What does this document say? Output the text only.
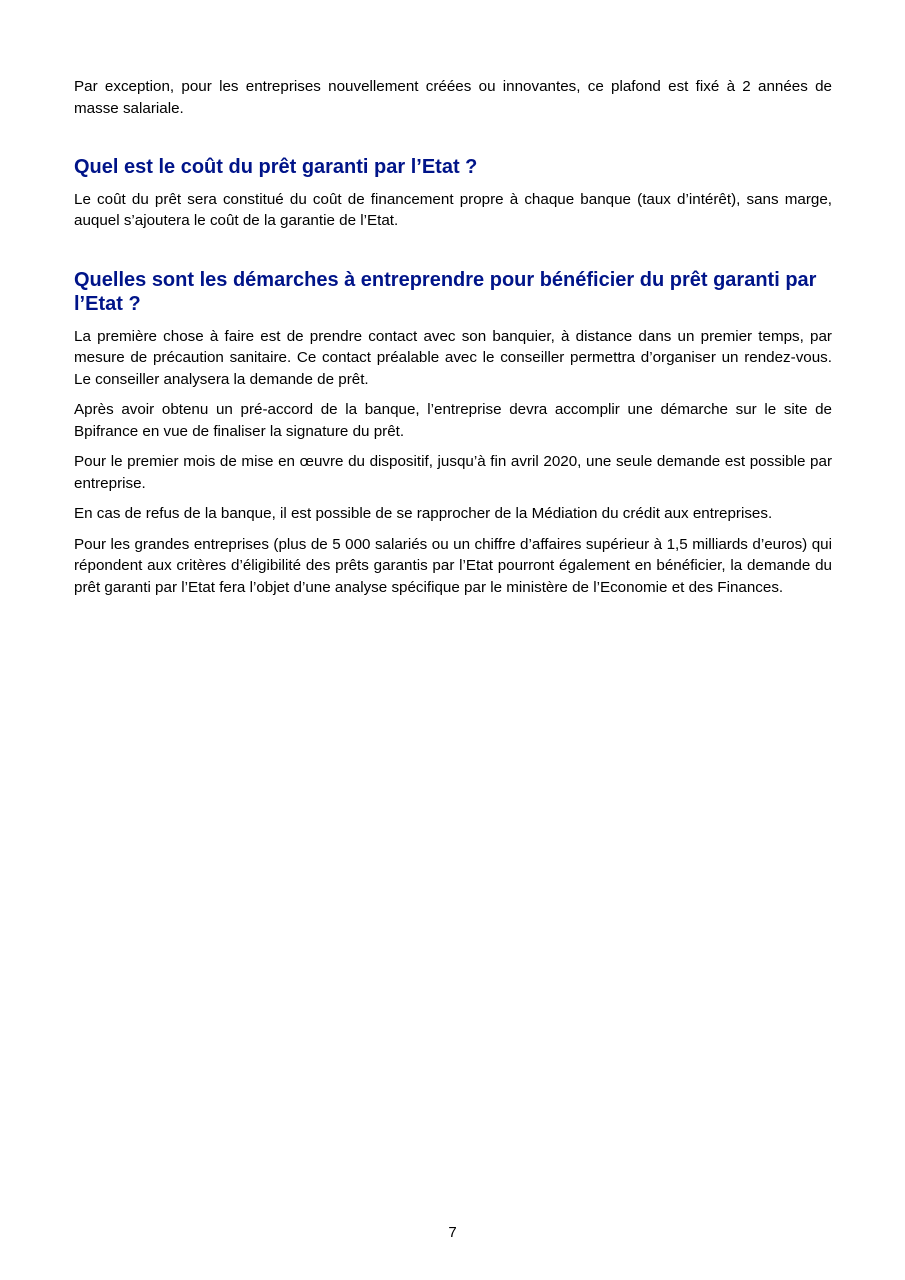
Par exception, pour les entreprises nouvellement créées ou innovantes, ce plafond est fixé à 2 années de masse salariale.

Quel est le coût du prêt garanti par l’Etat ?

Le coût du prêt sera constitué du coût de financement propre à chaque banque (taux d’intérêt), sans marge, auquel s’ajoutera le coût de la garantie de l’Etat.

Quelles sont les démarches à entreprendre pour bénéficier du prêt garanti par l’Etat ?

La première chose à faire est de prendre contact avec son banquier, à distance dans un premier temps, par mesure de précaution sanitaire. Ce contact préalable avec le conseiller permettra d’organiser un rendez-vous. Le conseiller analysera la demande de prêt.

Après avoir obtenu un pré-accord de la banque, l’entreprise devra accomplir une démarche sur le site de Bpifrance en vue de finaliser la signature du prêt.

Pour le premier mois de mise en œuvre du dispositif, jusqu’à fin avril 2020, une seule demande est possible par entreprise.

En cas de refus de la banque, il est possible de se rapprocher de la Médiation du crédit aux entreprises.

Pour les grandes entreprises (plus de 5 000 salariés ou un chiffre d’affaires supérieur à 1,5 milliards d’euros) qui répondent aux critères d’éligibilité des prêts garantis par l’Etat pourront également en bénéficier, la demande du prêt garanti par l’Etat fera l’objet d’une analyse spécifique par le ministère de l’Economie et des Finances.

7
